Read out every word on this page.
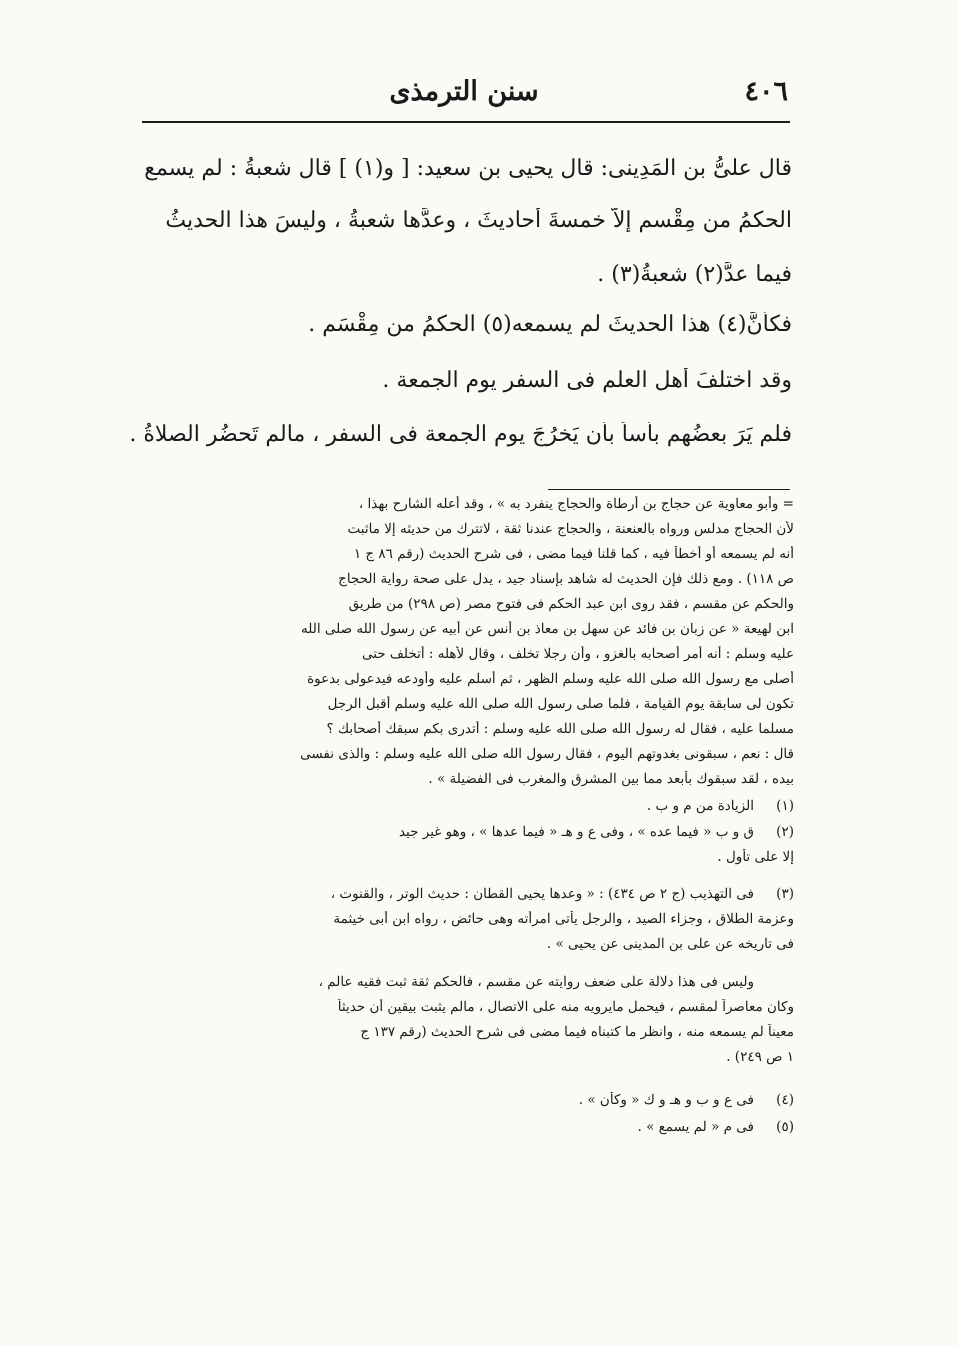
٤٠٦
سنن الترمذى
قال علىُّ بن المَدِينى: قال يحيى بن سعيد: [ و(١) ] قال شعبةُ : لم يسمع
الحكمُ من مِقْسم إلاَّ خمسةَ أحاديثَ ، وعدَّها شعبةُ ، وليسَ هذا الحديثُ
فيما عدَّ(٢) شعبةُ(٣) .
فكأنَّ(٤) هذا الحديثَ لم يسمعه(٥) الحكمُ من مِقْسَم .
وقد اختلفَ أهل العلم فى السفر يوم الجمعة .
فلم يَرَ بعضُهم بأساً بأن يَخرُجَ يوم الجمعة فى السفر ، مالم تَحضُر الصلاةُ .
= وأبو معاوية عن حجاج بن أرطاة والحجاج ينفرد به » ، وقد أعله الشارح بهذا ،
لأن الحجاج مدلس ورواه بالعنعنة ، والحجاج عندنا ثقة ، لاتترك من حديثه إلا ماثبت
أنه لم يسمعه أو أخطأ فيه ، كما قلنا فيما مضى ، فى شرح الحديث (رقم ٨٦ ج ١
ص ١١٨) . ومع ذلك فإن الحديث له شاهد بإسناد جيد ، يدل على صحة رواية الحجاج
والحكم عن مقسم ، فقد روى ابن عبد الحكم فى فتوح مصر (ص ٢٩٨) من طريق
ابن لهيعة « عن زبان بن فائد عن سهل بن معاذ بن أنس عن أبيه عن رسول الله صلى الله
عليه وسلم : أنه أمر أصحابه بالغزو ، وأن رجلا تخلف ، وقال لأهله : أتخلف حتى
أصلى مع رسول الله صلى الله عليه وسلم الظهر ، ثم أسلم عليه وأودعه فيدعولى بدعوة
تكون لى سابقة يوم القيامة ، فلما صلى رسول الله صلى الله عليه وسلم أقبل الرجل
مسلما عليه ، فقال له رسول الله صلى الله عليه وسلم : أتدرى بكم سبقك أصحابك ؟
قال : نعم ، سبقونى بغدوتهم اليوم ، فقال رسول الله صلى الله عليه وسلم : والذى نفسى
بيده ، لقد سبقوك بأبعد مما بين المشرق والمغرب فى الفضيلة » .
(١)
الزيادة من م و ب .
(٢)
ق و ب « فيما عده » ، وفى ع و هـ « فيما عدها » ، وهو غير جيد
إلا على تأول .
(٣)
فى التهذيب (ج ٢ ص ٤٣٤) : « وعدها يحيى القطان : حديث الوتر ، والقنوت ،
وعزمة الطلاق ، وجزاء الصيد ، والرجل يأتى امرأته وهى حائض ، رواه ابن أبى خيثمة
فى تاريخه عن على بن المدينى عن يحيى » .
وليس فى هذا دلالة على ضعف روايته عن مقسم ، فالحكم ثقة ثبت فقيه عالم ،
وكان معاصراً لمقسم ، فيحمل مايرويه منه على الاتصال ، مالم يثبت بيقين أن حديثاً
معيناً لم يسمعه منه ، وانظر ما كتبناه فيما مضى فى شرح الحديث (رقم ١٣٧ ج
١ ص ٢٤٩) .
(٤)
فى ع و ب و هـ و ك « وكأن » .
(٥)
فى م « لم يسمع » .
